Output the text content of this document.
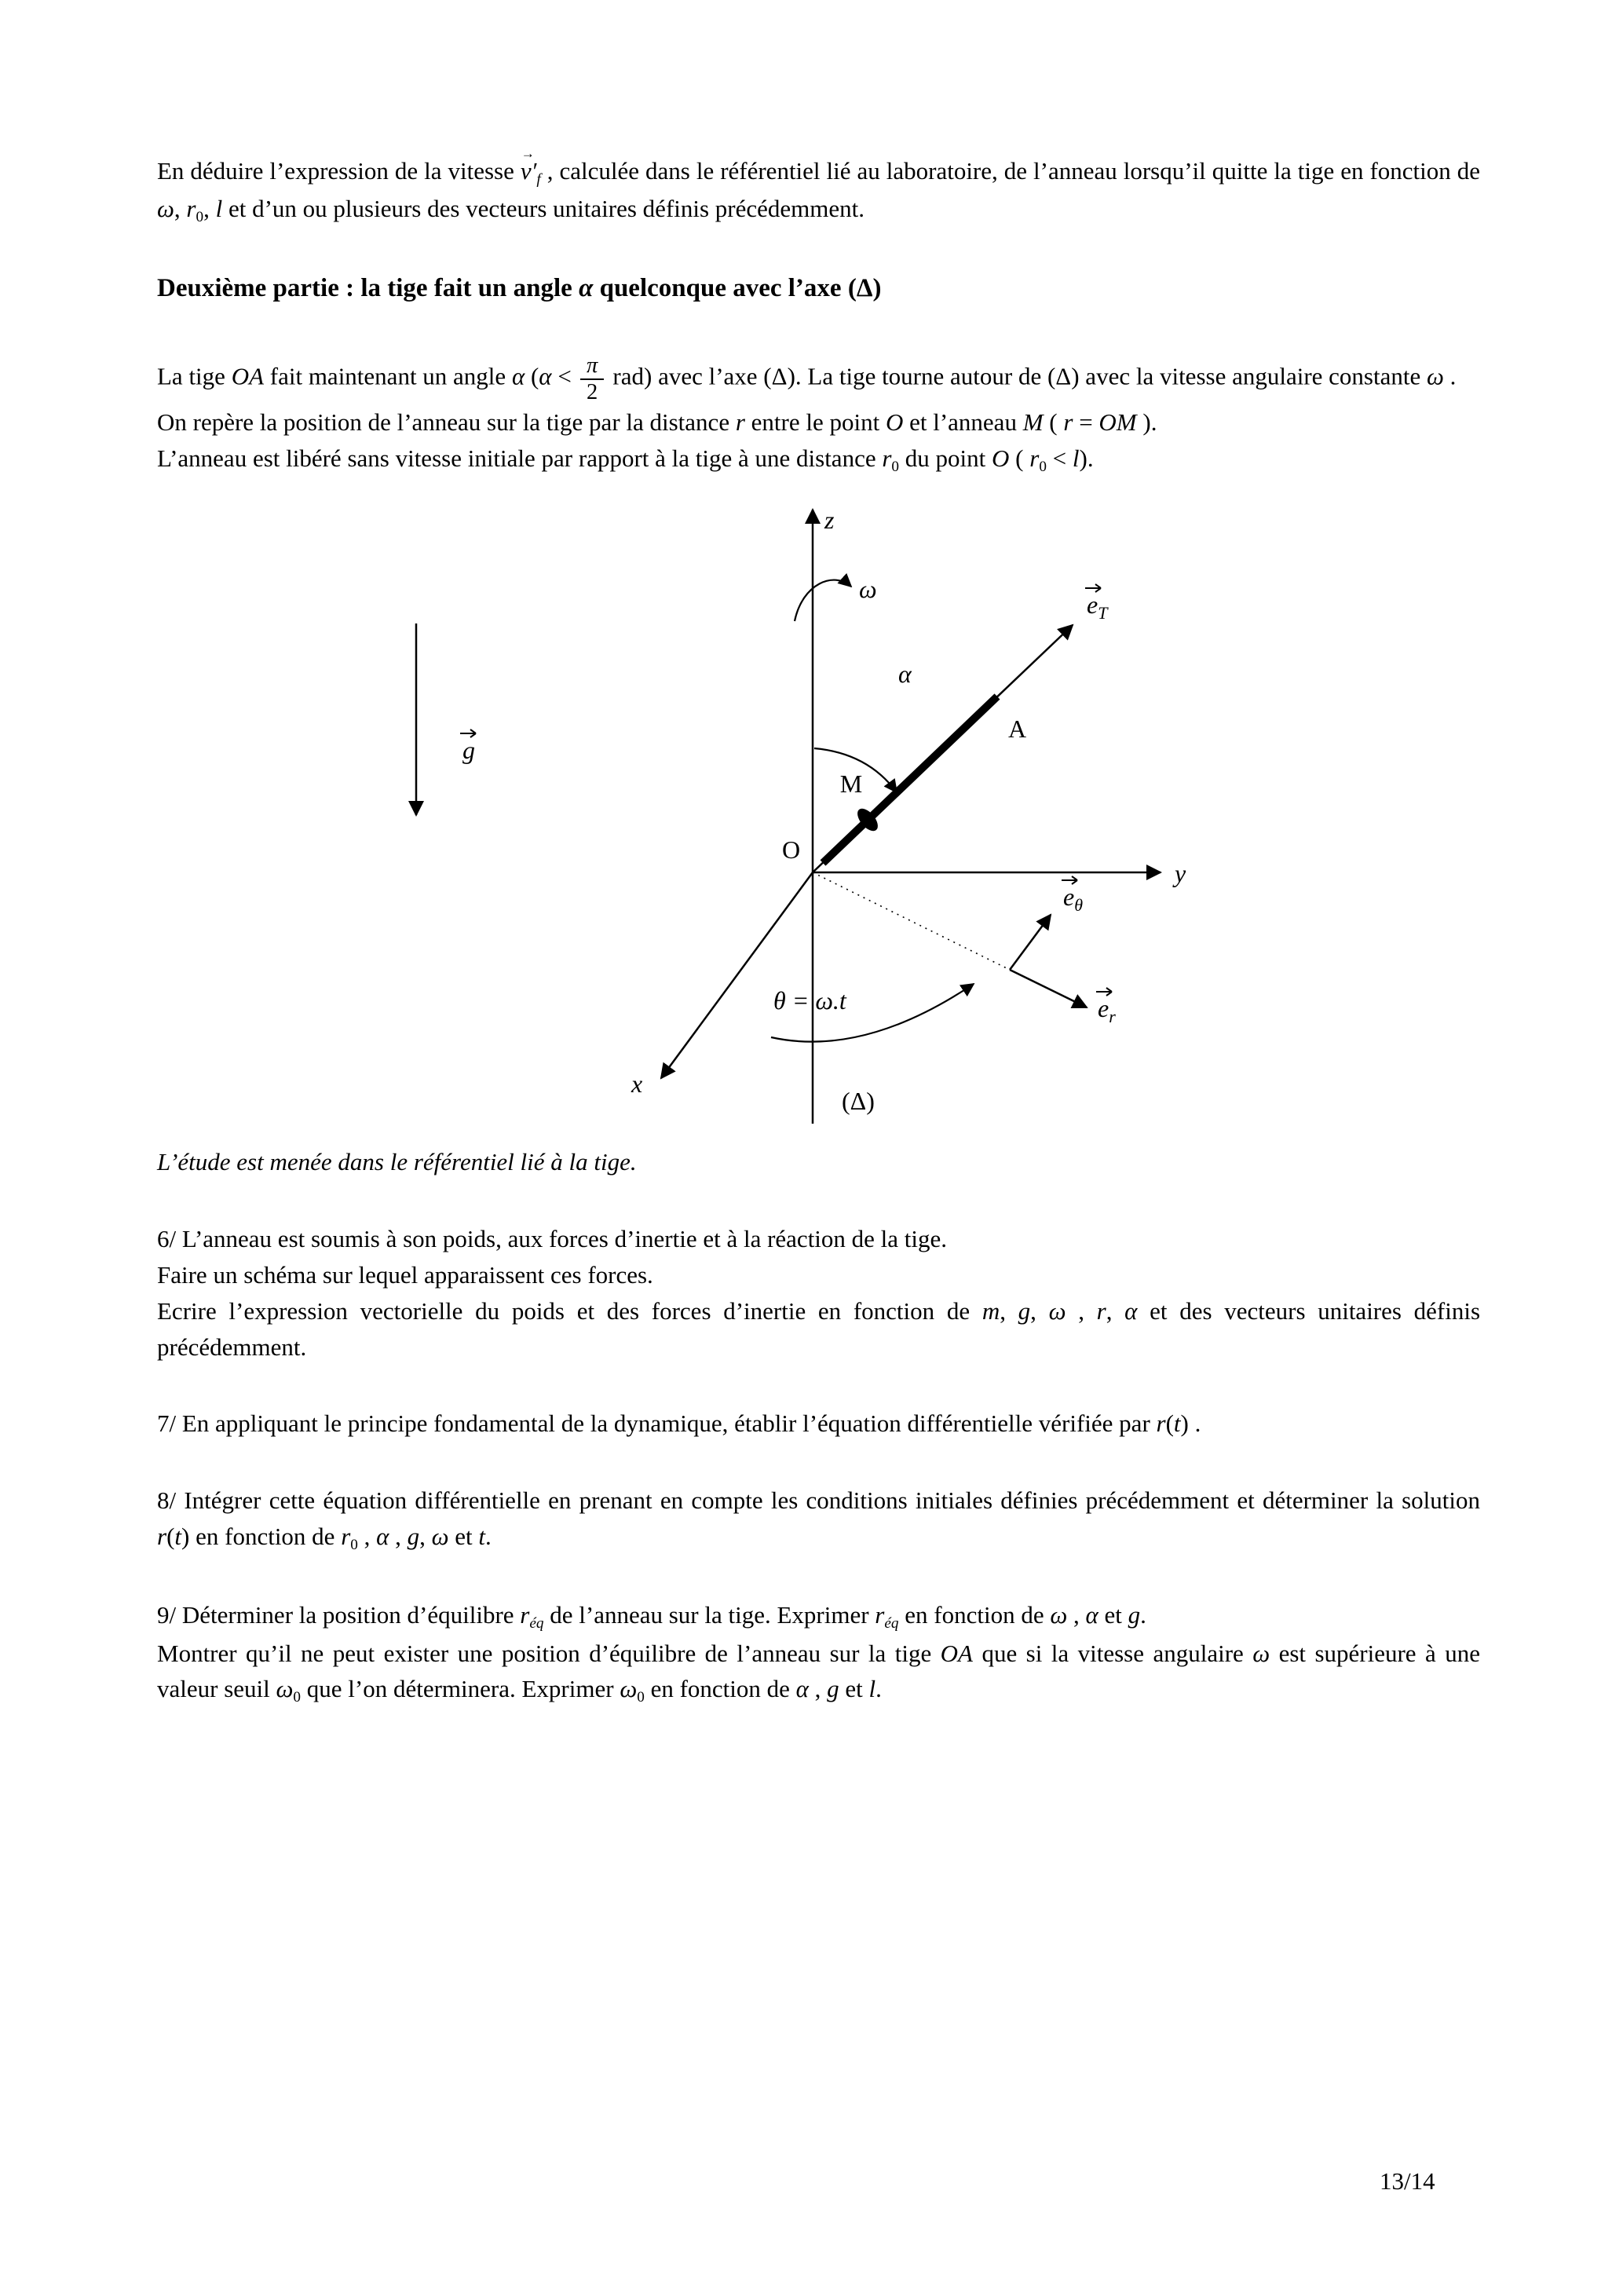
En déduire l’expression de la vitesse v →′f , calculée dans le référentiel lié au laboratoire, de l’anneau lorsqu’il quitte la tige en fonction de ω, r0, l et d’un ou plusieurs des vecteurs unitaires définis précédemment.

Deuxième partie : la tige fait un angle α quelconque avec l’axe (Δ)

La tige OA fait maintenant un angle α $(\alpha < \frac{\pi}{2} rad)$ avec l’axe (Δ). La tige tourne autour de (Δ) avec la vitesse angulaire constante ω .

On repère la position de l’anneau sur la tige par la distance r entre le point O et l’anneau M ( r = OM ).

L’anneau est libéré sans vitesse initiale par rapport à la tige à une distance r0 du point O ( r0 < l).

g
z
ω
α
M
A
O
$e_T$
y
x
$e_\theta$
$e_r$
θ = ω.t
(Δ)

L’étude est menée dans le référentiel lié à la tige.

6/ L’anneau est soumis à son poids, aux forces d’inertie et à la réaction de la tige.

Faire un schéma sur lequel apparaissent ces forces.

Ecrire l’expression vectorielle du poids et des forces d’inertie en fonction de m, g, ω , r, α et des vecteurs unitaires définis précédemment.

7/ En appliquant le principe fondamental de la dynamique, établir l’équation différentielle vérifiée par r(t) .

8/ Intégrer cette équation différentielle en prenant en compte les conditions initiales définies précédemment et déterminer la solution r(t) en fonction de r0 , α , g, ω et t.

9/ Déterminer la position d’équilibre réq de l’anneau sur la tige. Exprimer réq en fonction de ω , α et g.

Montrer qu’il ne peut exister une position d’équilibre de l’anneau sur la tige OA que si la vitesse angulaire ω est supérieure à une valeur seuil ω0 que l’on déterminera. Exprimer ω0 en fonction de α , g et l.

13/14
